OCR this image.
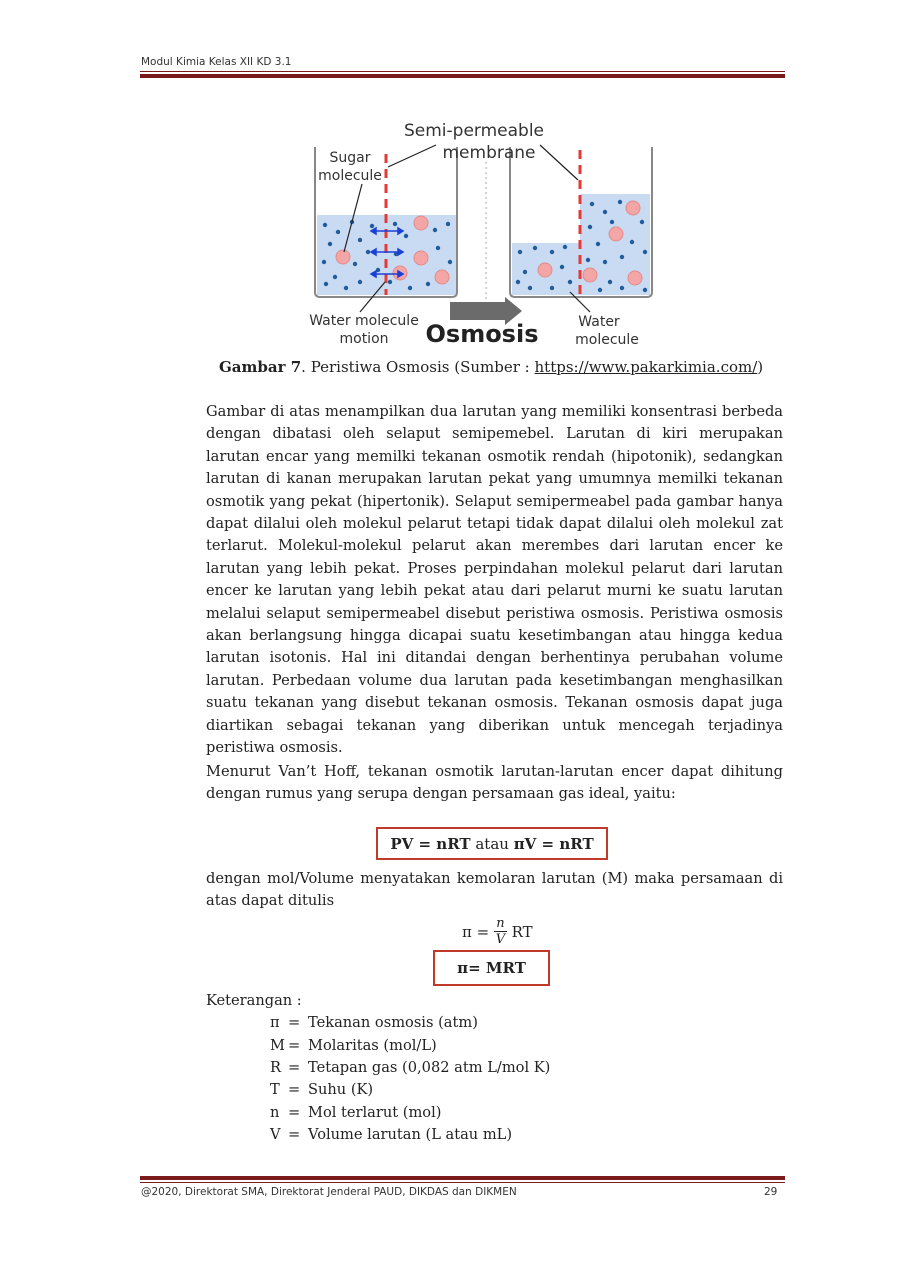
Modul Kimia Kelas XII KD 3.1
Semi-permeable
membrane
Sugar
molecule
Water molecule
motion Osmosis	Water
molecule
Gambar 7. Peristiwa Osmosis (Sumber : https://www.pakarkimia.com/)

Gambar di atas menampilkan dua larutan yang memiliki konsentrasi berbeda dengan dibatasi oleh selaput semipemebel. Larutan di kiri merupakan larutan encar yang memilki tekanan osmotik rendah (hipotonik), sedangkan larutan di kanan merupakan larutan pekat yang umumnya memilki tekanan osmotik yang pekat (hipertonik). Selaput semipermeabel pada gambar hanya dapat dilalui oleh molekul pelarut tetapi tidak dapat dilalui oleh molekul zat terlarut. Molekul-molekul pelarut akan merembes dari larutan encer ke larutan yang lebih pekat. Proses perpindahan molekul pelarut dari larutan encer ke larutan yang lebih pekat atau dari pelarut murni ke suatu larutan melalui selaput semipermeabel disebut peristiwa osmosis. Peristiwa osmosis akan berlangsung hingga dicapai suatu kesetimbangan atau hingga kedua larutan isotonis. Hal ini ditandai dengan berhentinya perubahan volume larutan. Perbedaan volume dua larutan pada kesetimbangan menghasilkan suatu tekanan yang disebut tekanan osmosis. Tekanan osmosis dapat juga diartikan sebagai tekanan yang diberikan untuk mencegah terjadinya peristiwa osmosis.

Menurut Van’t Hoff, tekanan osmotik larutan-larutan encer dapat dihitung dengan rumus yang serupa dengan persamaan gas ideal, yaitu:

PV = nRT atau πV = nRT

dengan mol/Volume menyatakan kemolaran larutan (M) maka persamaan di atas dapat ditulis

$\pi = \frac{n}{V}$ RT
π= MRT
Keterangan :
π = Tekanan osmosis (atm)
M = Molaritas (mol/L)
R = Tetapan gas (0,082 atm L/mol K)
T = Suhu (K)
n = Mol terlarut (mol)
V = Volume larutan (L atau mL)
@2020, Direktorat SMA, Direktorat Jenderal PAUD, DIKDAS dan DIKMEN	29
